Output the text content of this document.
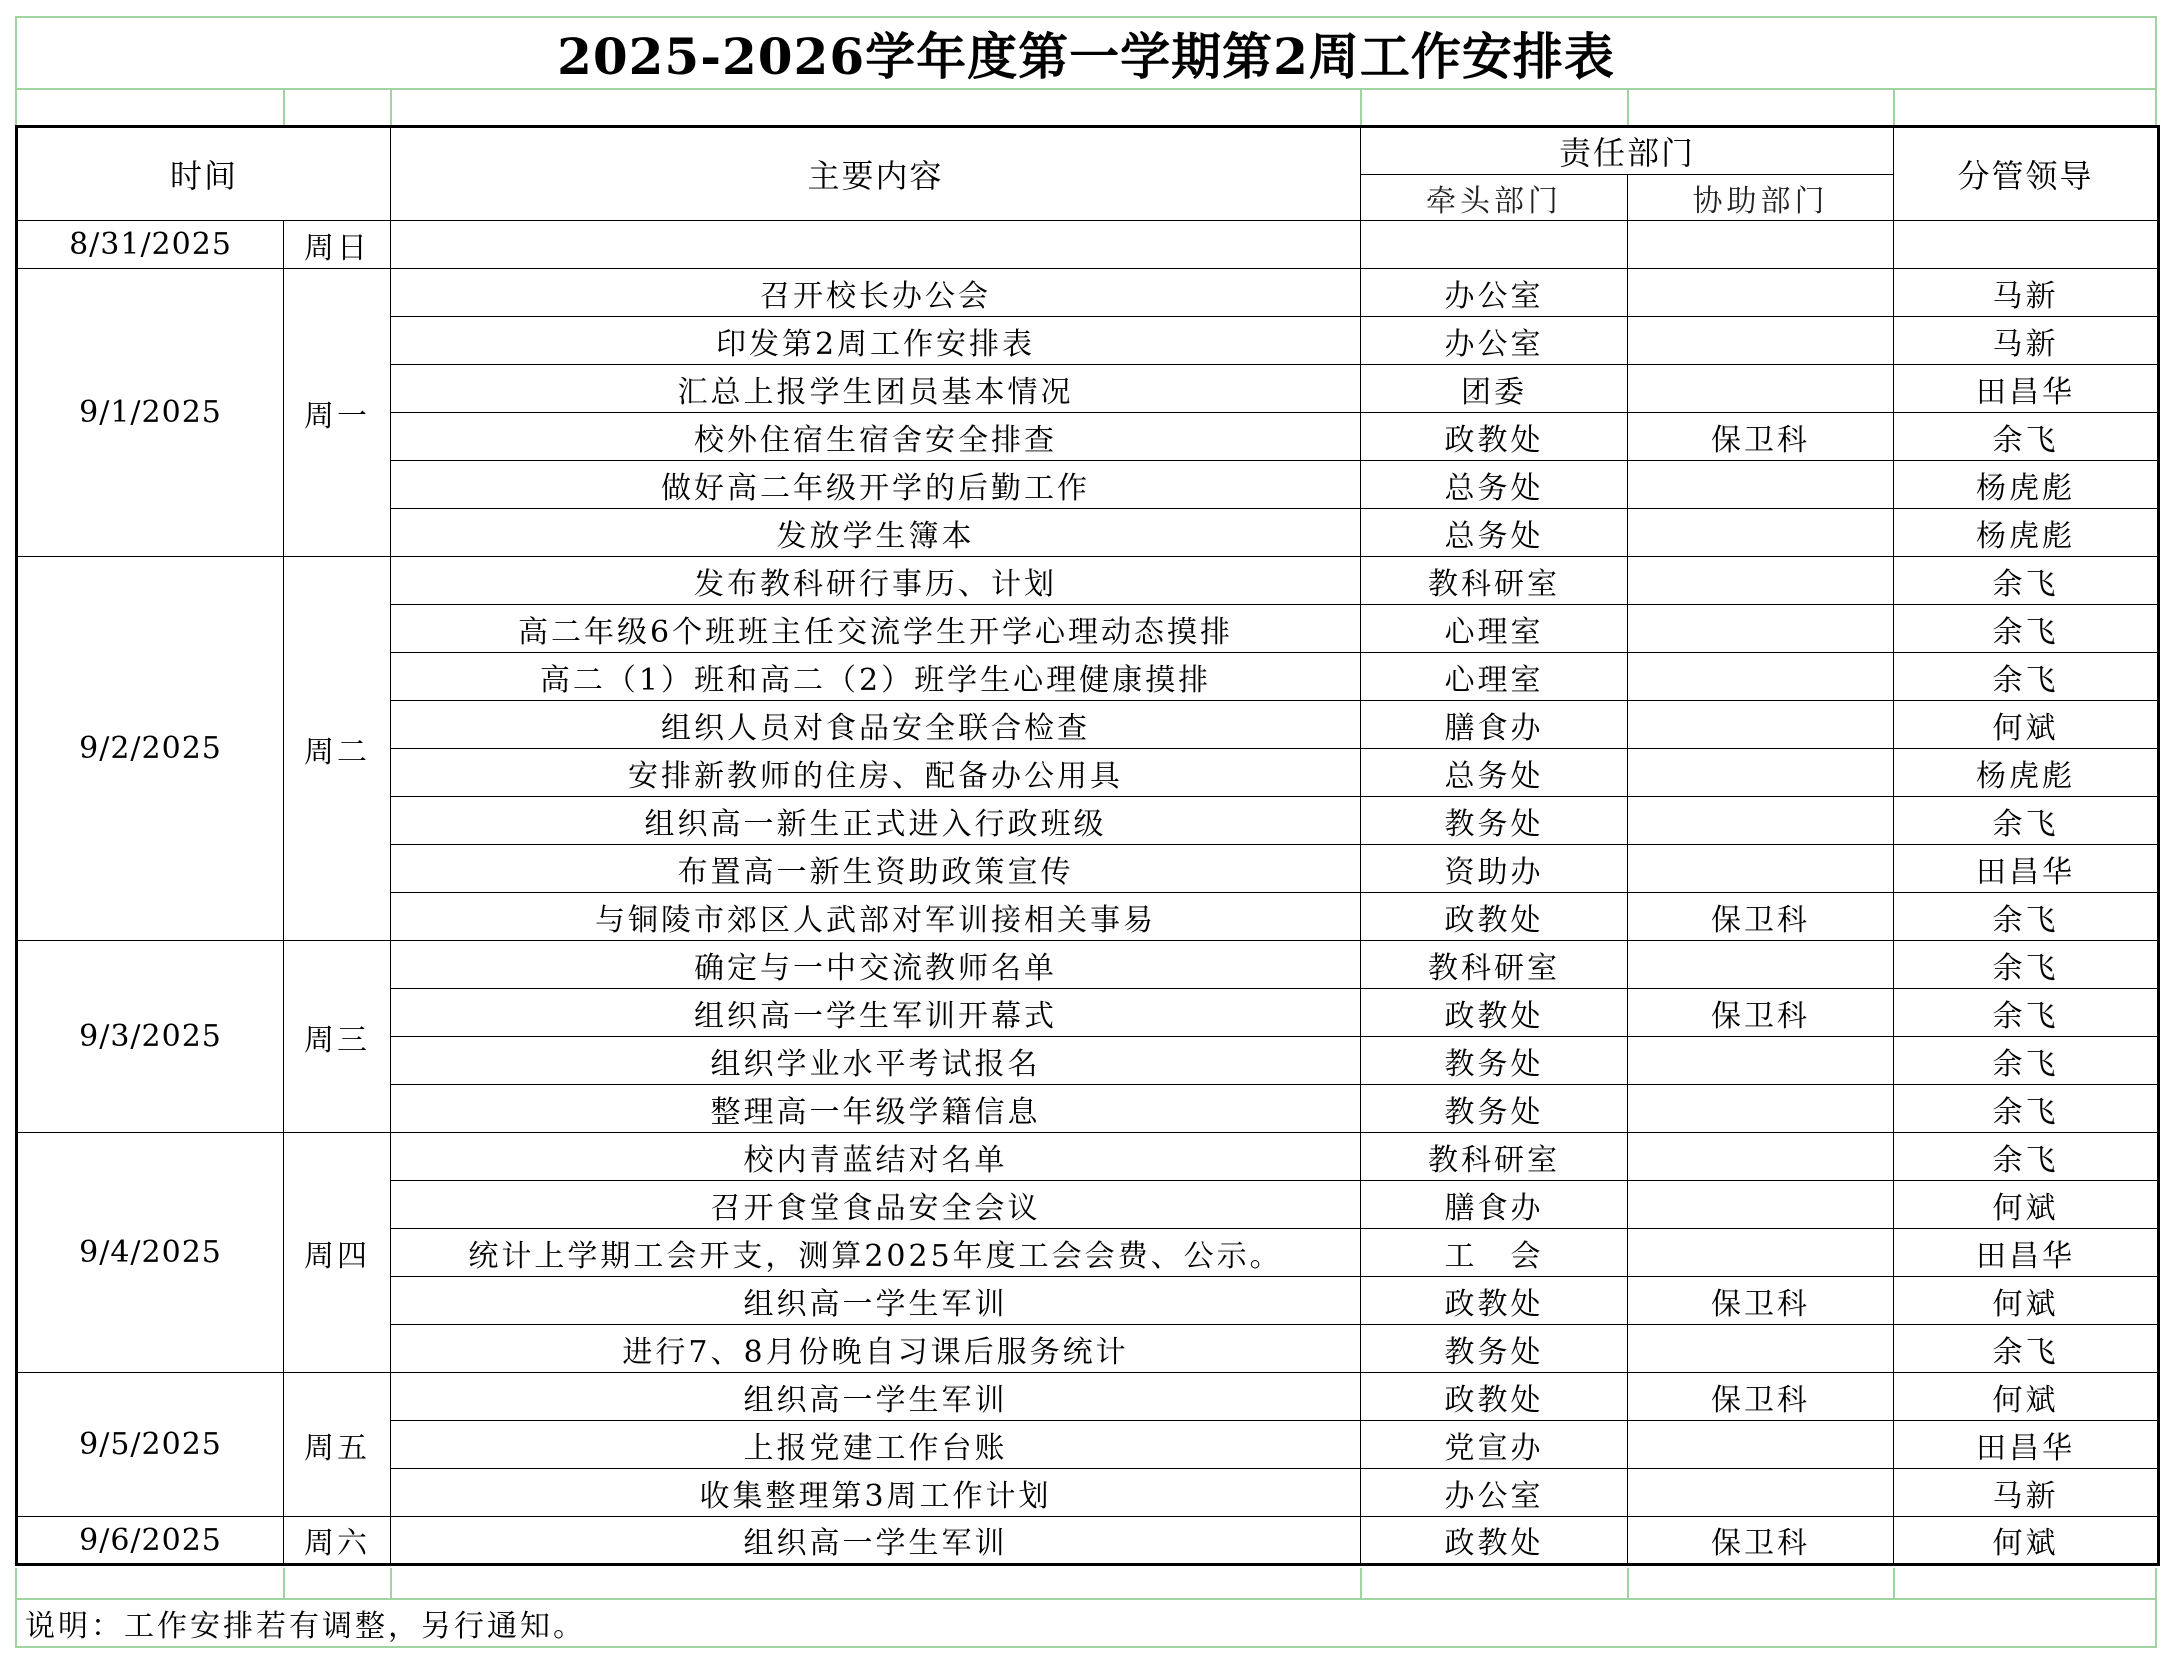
2025-2026学年度第一学期第2周工作安排表
时间		主要内容	责任部门		分管领导
			牵头部门	协助部门	
8/31/2025	周日				
9/1/2025	周一	召开校长办公会	办公室		马新
		印发第2周工作安排表	办公室		马新
		汇总上报学生团员基本情况	团委		田昌华
		校外住宿生宿舍安全排查	政教处	保卫科	余飞
		做好高二年级开学的后勤工作	总务处		杨虎彪
		发放学生簿本	总务处		杨虎彪
9/2/2025	周二	发布教科研行事历、计划	教科研室		余飞
		高二年级6个班班主任交流学生开学心理动态摸排	心理室		余飞
		高二（1）班和高二（2）班学生心理健康摸排	心理室		余飞
		组织人员对食品安全联合检查	膳食办		何斌
		安排新教师的住房、配备办公用具	总务处		杨虎彪
		组织高一新生正式进入行政班级	教务处		余飞
		布置高一新生资助政策宣传	资助办		田昌华
		与铜陵市郊区人武部对军训接相关事易	政教处	保卫科	余飞
9/3/2025	周三	确定与一中交流教师名单	教科研室		余飞
		组织高一学生军训开幕式	政教处	保卫科	余飞
		组织学业水平考试报名	教务处		余飞
		整理高一年级学籍信息	教务处		余飞
9/4/2025	周四	校内青蓝结对名单	教科研室		余飞
		召开食堂食品安全会议	膳食办		何斌
		统计上学期工会开支，测算2025年度工会会费、公示。	工　会		田昌华
		组织高一学生军训	政教处	保卫科	何斌
		进行7、8月份晚自习课后服务统计	教务处		余飞
9/5/2025	周五	组织高一学生军训	政教处	保卫科	何斌
		上报党建工作台账	党宣办		田昌华
		收集整理第3周工作计划	办公室		马新
9/6/2025	周六	组织高一学生军训	政教处	保卫科	何斌
说明：工作安排若有调整，另行通知。
